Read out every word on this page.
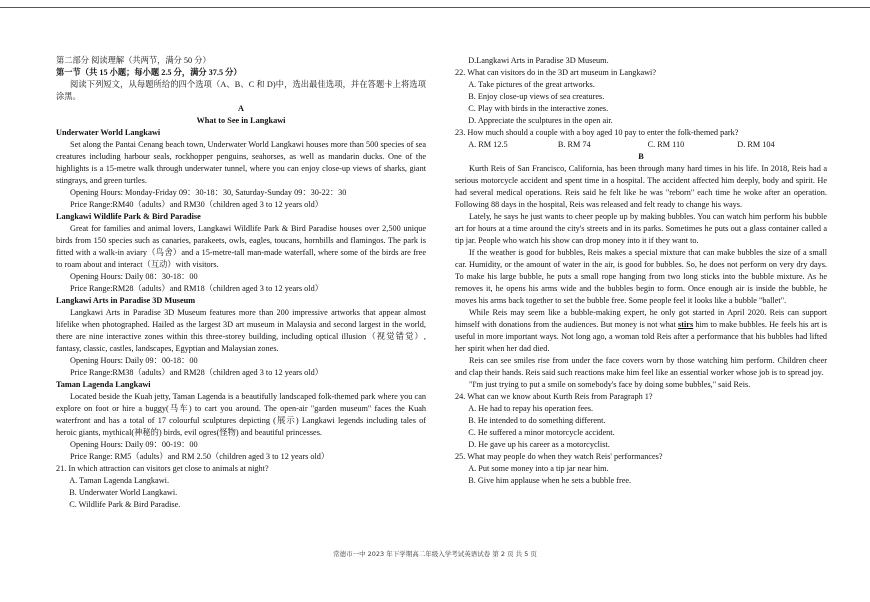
第二部分 阅读理解（共两节，满分 50 分）

第一节（共 15 小题；每小题 2.5 分，满分 37.5 分）

阅读下列短文，从每题所给的四个选项（A、B、C 和 D)中，选出最佳选项，并在答题卡上将选项涂黑。

A

What to See in Langkawi

Underwater World Langkawi

Set along the Pantai Cenang beach town, Underwater World Langkawi houses more than 500 species of sea creatures including harbour seals, rockhopper penguins, seahorses, as well as mandarin ducks. One of the highlights is a 15-metre walk through underwater tunnel, where you can enjoy close-up views of sharks, giant stingrays, and green turtles.

Opening Hours: Monday-Friday 09：30-18：30, Saturday-Sunday 09：30-22：30

Price Range:RM40（adults）and RM30（children aged 3 to 12 years old）

Langkawi Wildlife Park & Bird Paradise

Great for families and animal lovers, Langkawi Wildlife Park & Bird Paradise houses over 2,500 unique birds from 150 species such as canaries, parakeets, owls, eagles, toucans, hornbills and flamingos. The park is fitted with a walk-in aviary（鸟舍）and a 15-metre-tall man-made waterfall, where some of the birds are free to roam about and interact（互动）with visitors.

Opening Hours: Daily 08：30-18：00

Price Range:RM28（adults）and RM18（children aged 3 to 12 years old）

Langkawi Arts in Paradise 3D Museum

Langkawi Arts in Paradise 3D Museum features more than 200 impressive artworks that appear almost lifelike when photographed. Hailed as the largest 3D art museum in Malaysia and second largest in the world, there are nine interactive zones within this three-storey building, including optical illusion（视觉错觉）, fantasy, classic, castles, landscapes, Egyptian and Malaysian zones.

Opening Hours: Daily 09：00-18：00

Price Range:RM38（adults）and RM28（children aged 3 to 12 years old）

Taman Lagenda Langkawi

Located beside the Kuah jetty, Taman Lagenda is a beautifully landscaped folk-themed park where you can explore on foot or hire a buggy(马车) to cart you around. The open-air "garden museum" faces the Kuah waterfront and has a total of 17 colourful sculptures depicting (展示) Langkawi legends including tales of heroic giants, mythical(神秘的) birds, evil ogres(怪物) and beautiful princesses.

Opening Hours: Daily 09：00-19：00

Price Range: RM5（adults）and RM 2.50（children aged 3 to 12 years old）

21. In which attraction can visitors get close to animals at night?

A. Taman Lagenda Langkawi.

B. Underwater World Langkawi.

C. Wildlife Park & Bird Paradise.

D.Langkawi Arts in Paradise 3D Museum.

22. What can visitors do in the 3D art museum in Langkawi?

A. Take pictures of the great artworks.

B. Enjoy close-up views of sea creatures.

C. Play with birds in the interactive zones.

D. Appreciate the sculptures in the open air.

23. How much should a couple with a boy aged 10 pay to enter the folk-themed park?

A. RM 12.5	B. RM 74	C. RM 110	D. RM 104

B

Kurth Reis of San Francisco, California, has been through many hard times in his life. In 2018, Reis had a serious motorcycle accident and spent time in a hospital. The accident affected him deeply, body and spirit. He had several medical operations. Reis said he felt like he was "reborn" each time he woke after an operation. Following 88 days in the hospital, Reis was released and felt ready to change his ways.

Lately, he says he just wants to cheer people up by making bubbles. You can watch him perform his bubble art for hours at a time around the city's streets and in its parks. Sometimes he puts out a glass container called a tip jar. People who watch his show can drop money into it if they want to.

If the weather is good for bubbles, Reis makes a special mixture that can make bubbles the size of a small car. Humidity, or the amount of water in the air, is good for bubbles. So, he does not perform on very dry days. To make his large bubble, he puts a small rope hanging from two long sticks into the bubble mixture. As he removes it, he opens his arms wide and the bubbles begin to form. Once enough air is inside the bubble, he moves his arms back together to set the bubble free. Some people feel it looks like a bubble "ballet".

While Reis may seem like a bubble-making expert, he only got started in April 2020. Reis can support himself with donations from the audiences. But money is not what stirs him to make bubbles. He feels his art is useful in more important ways. Not long ago, a woman told Reis after a performance that his bubbles had lifted her spirit when her dad died.

Reis can see smiles rise from under the face covers worn by those watching him perform. Children cheer and clap their hands. Reis said such reactions make him feel like an essential worker whose job is to spread joy.

"I'm just trying to put a smile on somebody's face by doing some bubbles," said Reis.

24. What can we know about Kurth Reis from Paragraph 1?

A. He had to repay his operation fees.

B. He intended to do something different.

C. He suffered a minor motorcycle accident.

D. He gave up his career as a motorcyclist.

25. What may people do when they watch Reis' performances?

A. Put some money into a tip jar near him.

B. Give him applause when he sets a bubble free.

常德市一中 2023 年下学期高二年级入学考试英语试卷 第 2 页 共 5 页
